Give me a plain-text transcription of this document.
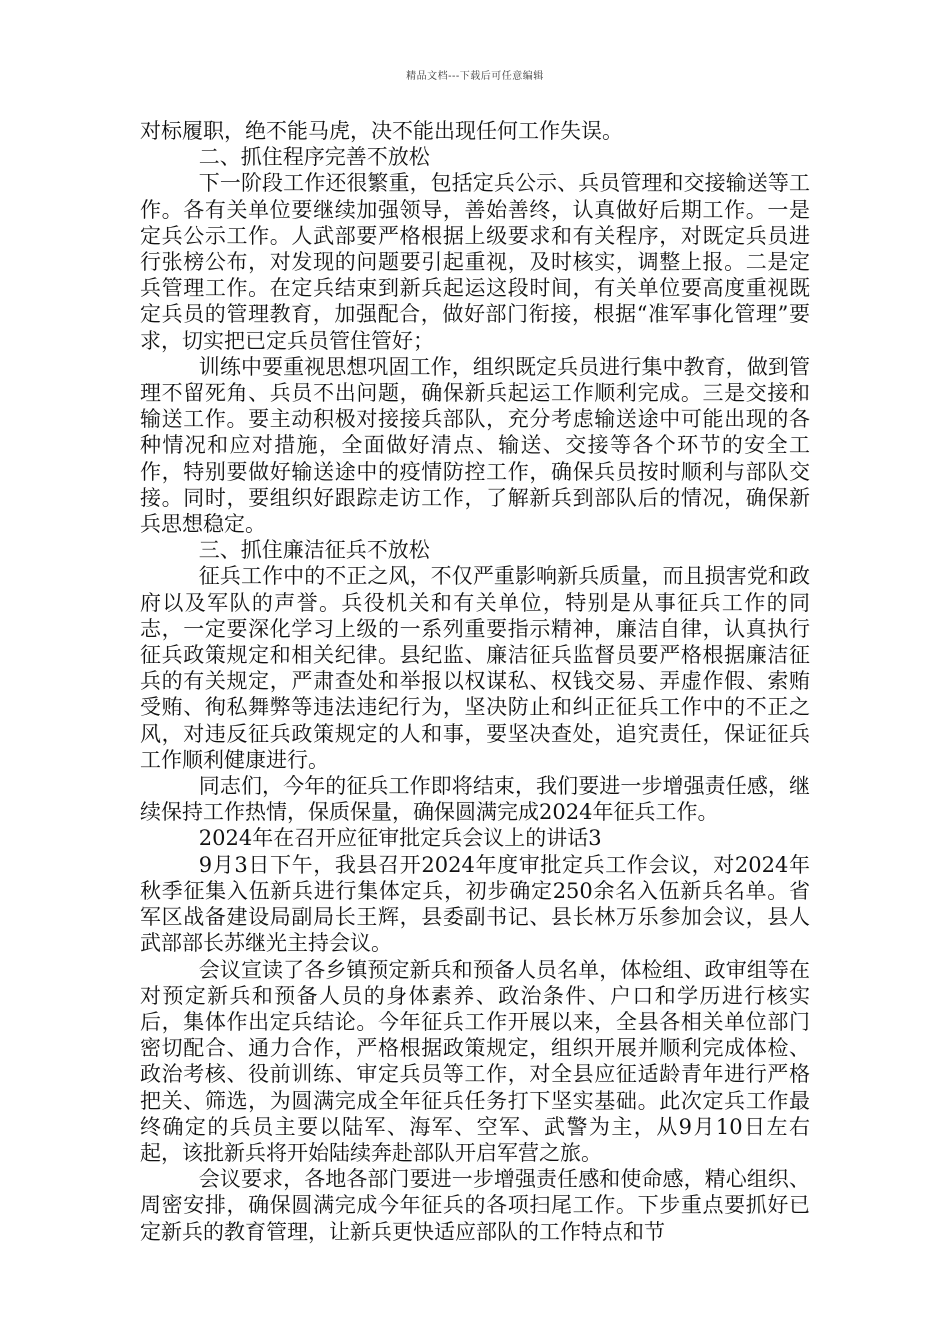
精品文档---下载后可任意编辑

对标履职，绝不能马虎，决不能出现任何工作失误。

二、抓住程序完善不放松

下一阶段工作还很繁重，包括定兵公示、兵员管理和交接输送等工作。各有关单位要继续加强领导，善始善终，认真做好后期工作。一是定兵公示工作。人武部要严格根据上级要求和有关程序，对既定兵员进行张榜公布，对发现的问题要引起重视，及时核实，调整上报。二是定兵管理工作。在定兵结束到新兵起运这段时间，有关单位要高度重视既定兵员的管理教育，加强配合，做好部门衔接，根据“准军事化管理”要求，切实把已定兵员管住管好；

训练中要重视思想巩固工作，组织既定兵员进行集中教育，做到管理不留死角、兵员不出问题，确保新兵起运工作顺利完成。三是交接和输送工作。要主动积极对接接兵部队，充分考虑输送途中可能出现的各种情况和应对措施，全面做好清点、输送、交接等各个环节的安全工作，特别要做好输送途中的疫情防控工作，确保兵员按时顺利与部队交接。同时，要组织好跟踪走访工作，了解新兵到部队后的情况，确保新兵思想稳定。

三、抓住廉洁征兵不放松

征兵工作中的不正之风，不仅严重影响新兵质量，而且损害党和政府以及军队的声誉。兵役机关和有关单位，特别是从事征兵工作的同志，一定要深化学习上级的一系列重要指示精神，廉洁自律，认真执行征兵政策规定和相关纪律。县纪监、廉洁征兵监督员要严格根据廉洁征兵的有关规定，严肃查处和举报以权谋私、权钱交易、弄虚作假、索贿受贿、徇私舞弊等违法违纪行为，坚决防止和纠正征兵工作中的不正之风，对违反征兵政策规定的人和事，要坚决查处，追究责任，保证征兵工作顺利健康进行。

同志们，今年的征兵工作即将结束，我们要进一步增强责任感，继续保持工作热情，保质保量，确保圆满完成2024年征兵工作。

2024年在召开应征审批定兵会议上的讲话3

9月3日下午，我县召开2024年度审批定兵工作会议，对2024年秋季征集入伍新兵进行集体定兵，初步确定250余名入伍新兵名单。省军区战备建设局副局长王辉，县委副书记、县长林万乐参加会议，县人武部部长苏继光主持会议。

会议宣读了各乡镇预定新兵和预备人员名单，体检组、政审组等在对预定新兵和预备人员的身体素养、政治条件、户口和学历进行核实后，集体作出定兵结论。今年征兵工作开展以来，全县各相关单位部门密切配合、通力合作，严格根据政策规定，组织开展并顺利完成体检、政治考核、役前训练、审定兵员等工作，对全县应征适龄青年进行严格把关、筛选，为圆满完成全年征兵任务打下坚实基础。此次定兵工作最终确定的兵员主要以陆军、海军、空军、武警为主，从9月10日左右起，该批新兵将开始陆续奔赴部队开启军营之旅。

会议要求，各地各部门要进一步增强责任感和使命感，精心组织、周密安排，确保圆满完成今年征兵的各项扫尾工作。下步重点要抓好已定新兵的教育管理，让新兵更快适应部队的工作特点和节
